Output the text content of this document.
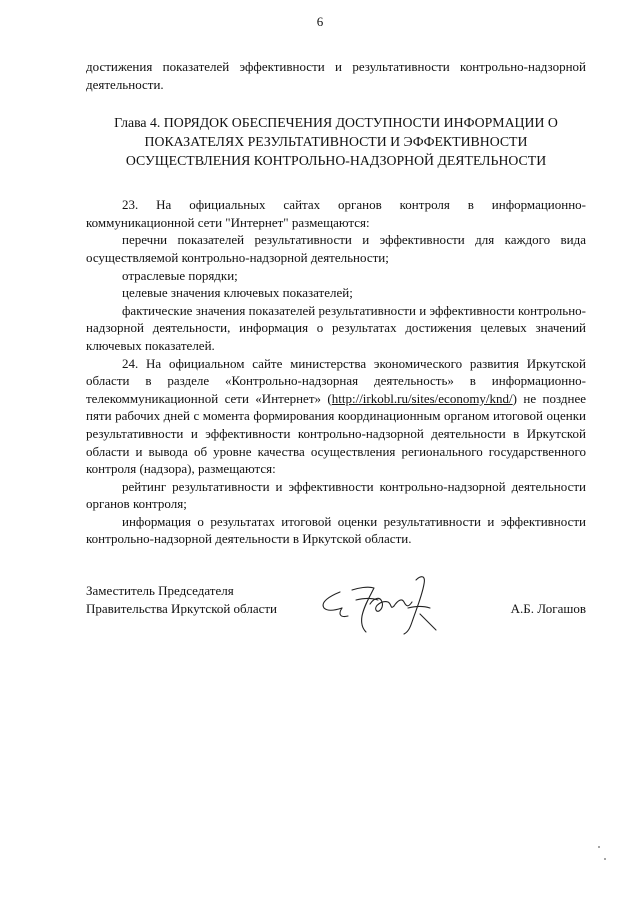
6

достижения показателей эффективности и результативности контрольно-надзорной деятельности.

Глава 4. ПОРЯДОК ОБЕСПЕЧЕНИЯ ДОСТУПНОСТИ ИНФОРМАЦИИ О ПОКАЗАТЕЛЯХ РЕЗУЛЬТАТИВНОСТИ И ЭФФЕКТИВНОСТИ ОСУЩЕСТВЛЕНИЯ КОНТРОЛЬНО-НАДЗОРНОЙ ДЕЯТЕЛЬНОСТИ

23. На официальных сайтах органов контроля в информационно-коммуникационной сети "Интернет" размещаются:

перечни показателей результативности и эффективности для каждого вида осуществляемой контрольно-надзорной деятельности;

отраслевые порядки;

целевые значения ключевых показателей;

фактические значения показателей результативности и эффективности контрольно-надзорной деятельности, информация о результатах достижения целевых значений ключевых показателей.

24. На официальном сайте министерства экономического развития Иркутской области в разделе «Контрольно-надзорная деятельность» в информационно-телекоммуникационной сети «Интернет» (http://irkobl.ru/sites/economy/knd/) не позднее пяти рабочих дней с момента формирования координационным органом итоговой оценки результативности и эффективности контрольно-надзорной деятельности в Иркутской области и вывода об уровне качества осуществления регионального государственного контроля (надзора), размещаются:

рейтинг результативности и эффективности контрольно-надзорной деятельности органов контроля;

информация о результатах итоговой оценки результативности и эффективности контрольно-надзорной деятельности в Иркутской области.

Заместитель Председателя
Правительства Иркутской области	А.Б. Логашов
